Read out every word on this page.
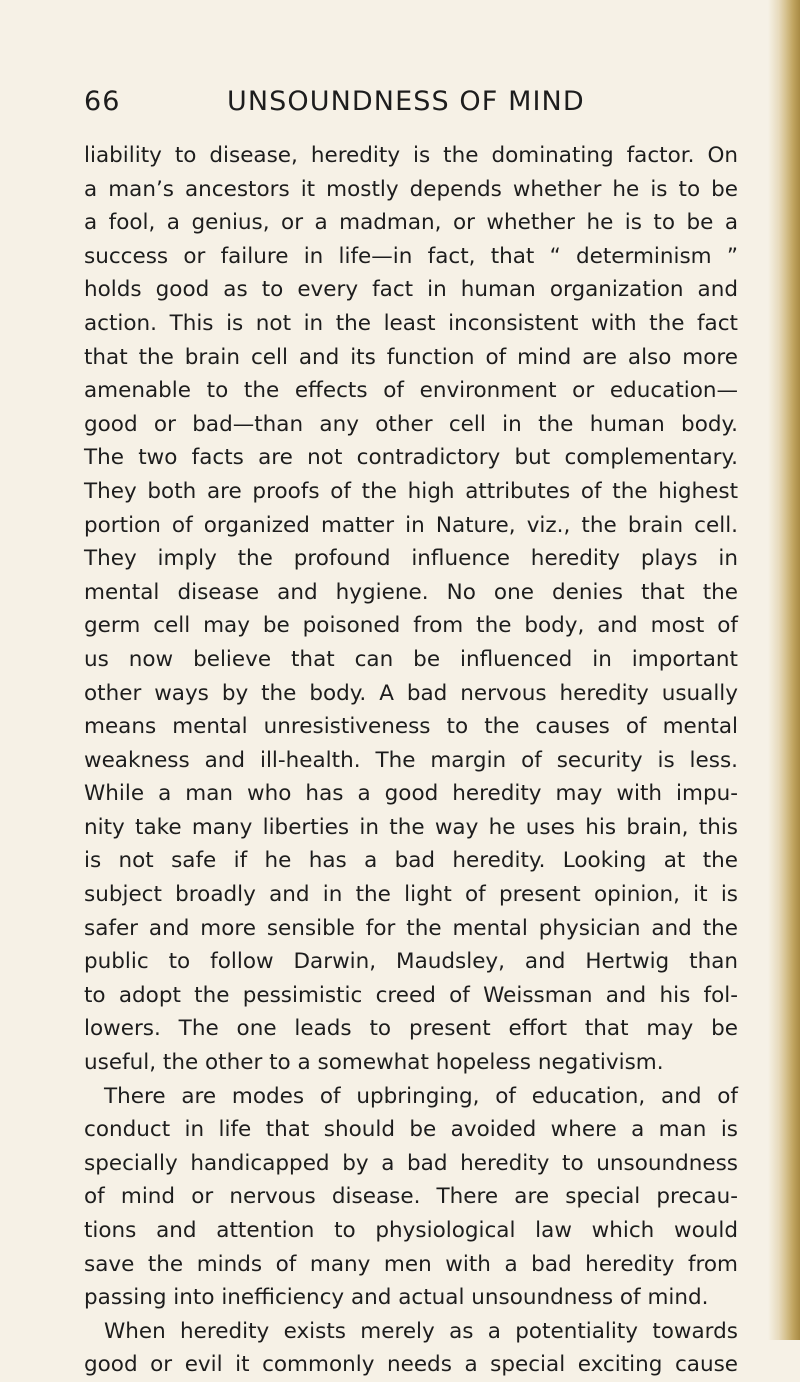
66	UNSOUNDNESS OF MIND
liability to disease, heredity is the dominating factor. On
a man’s ancestors it mostly depends whether he is to be
a fool, a genius, or a madman, or whether he is to be a
success or failure in life—in fact, that “ determinism ”
holds good as to every fact in human organization and
action. This is not in the least inconsistent with the fact
that the brain cell and its function of mind are also more
amenable to the effects of environment or education—
good or bad—than any other cell in the human body.
The two facts are not contradictory but complementary.
They both are proofs of the high attributes of the highest
portion of organized matter in Nature, viz., the brain cell.
They imply the profound influence heredity plays in
mental disease and hygiene. No one denies that the
germ cell may be poisoned from the body, and most of
us now believe that can be influenced in important
other ways by the body. A bad nervous heredity usually
means mental unresistiveness to the causes of mental
weakness and ill-health. The margin of security is less.
While a man who has a good heredity may with impu-
nity take many liberties in the way he uses his brain, this
is not safe if he has a bad heredity. Looking at the
subject broadly and in the light of present opinion, it is
safer and more sensible for the mental physician and the
public to follow Darwin, Maudsley, and Hertwig than
to adopt the pessimistic creed of Weissman and his fol-
lowers. The one leads to present effort that may be
useful, the other to a somewhat hopeless negativism.
There are modes of upbringing, of education, and of
conduct in life that should be avoided where a man is
specially handicapped by a bad heredity to unsoundness
of mind or nervous disease. There are special precau-
tions and attention to physiological law which would
save the minds of many men with a bad heredity from
passing into inefficiency and actual unsoundness of mind.
When heredity exists merely as a potentiality towards
good or evil it commonly needs a special exciting cause
